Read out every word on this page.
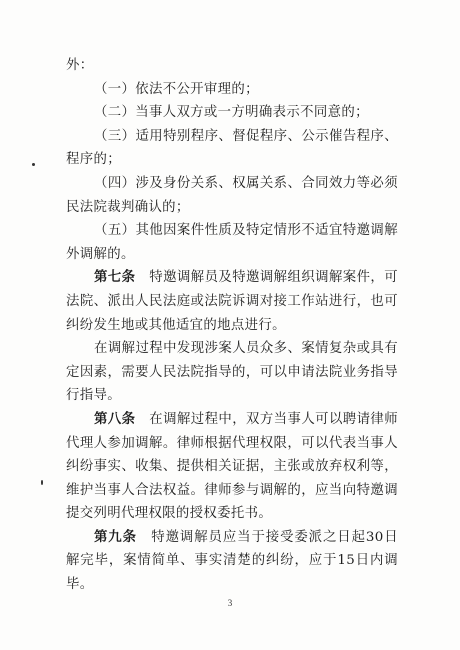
外：
（一）依法不公开审理的；
（二）当事人双方或一方明确表示不同意的；
（三）适用特别程序、督促程序、公示催告程序、
程序的；
（四）涉及身份关系、权属关系、合同效力等必须
民法院裁判确认的；
（五）其他因案件性质及特定情形不适宜特邀调解
外调解的。
第七条  特邀调解员及特邀调解组织调解案件，可
法院、派出人民法庭或法院诉调对接工作站进行，也可
纠纷发生地或其他适宜的地点进行。
在调解过程中发现涉案人员众多、案情复杂或具有
定因素，需要人民法院指导的，可以申请法院业务指导
行指导。
第八条  在调解过程中，双方当事人可以聘请律师
代理人参加调解。律师根据代理权限，可以代表当事人
纠纷事实、收集、提供相关证据，主张或放弃权利等，
维护当事人合法权益。律师参与调解的，应当向特邀调
提交列明代理权限的授权委托书。
第九条  特邀调解员应当于接受委派之日起30日
解完毕，案情简单、事实清楚的纠纷，应于15日内调
毕。
3
